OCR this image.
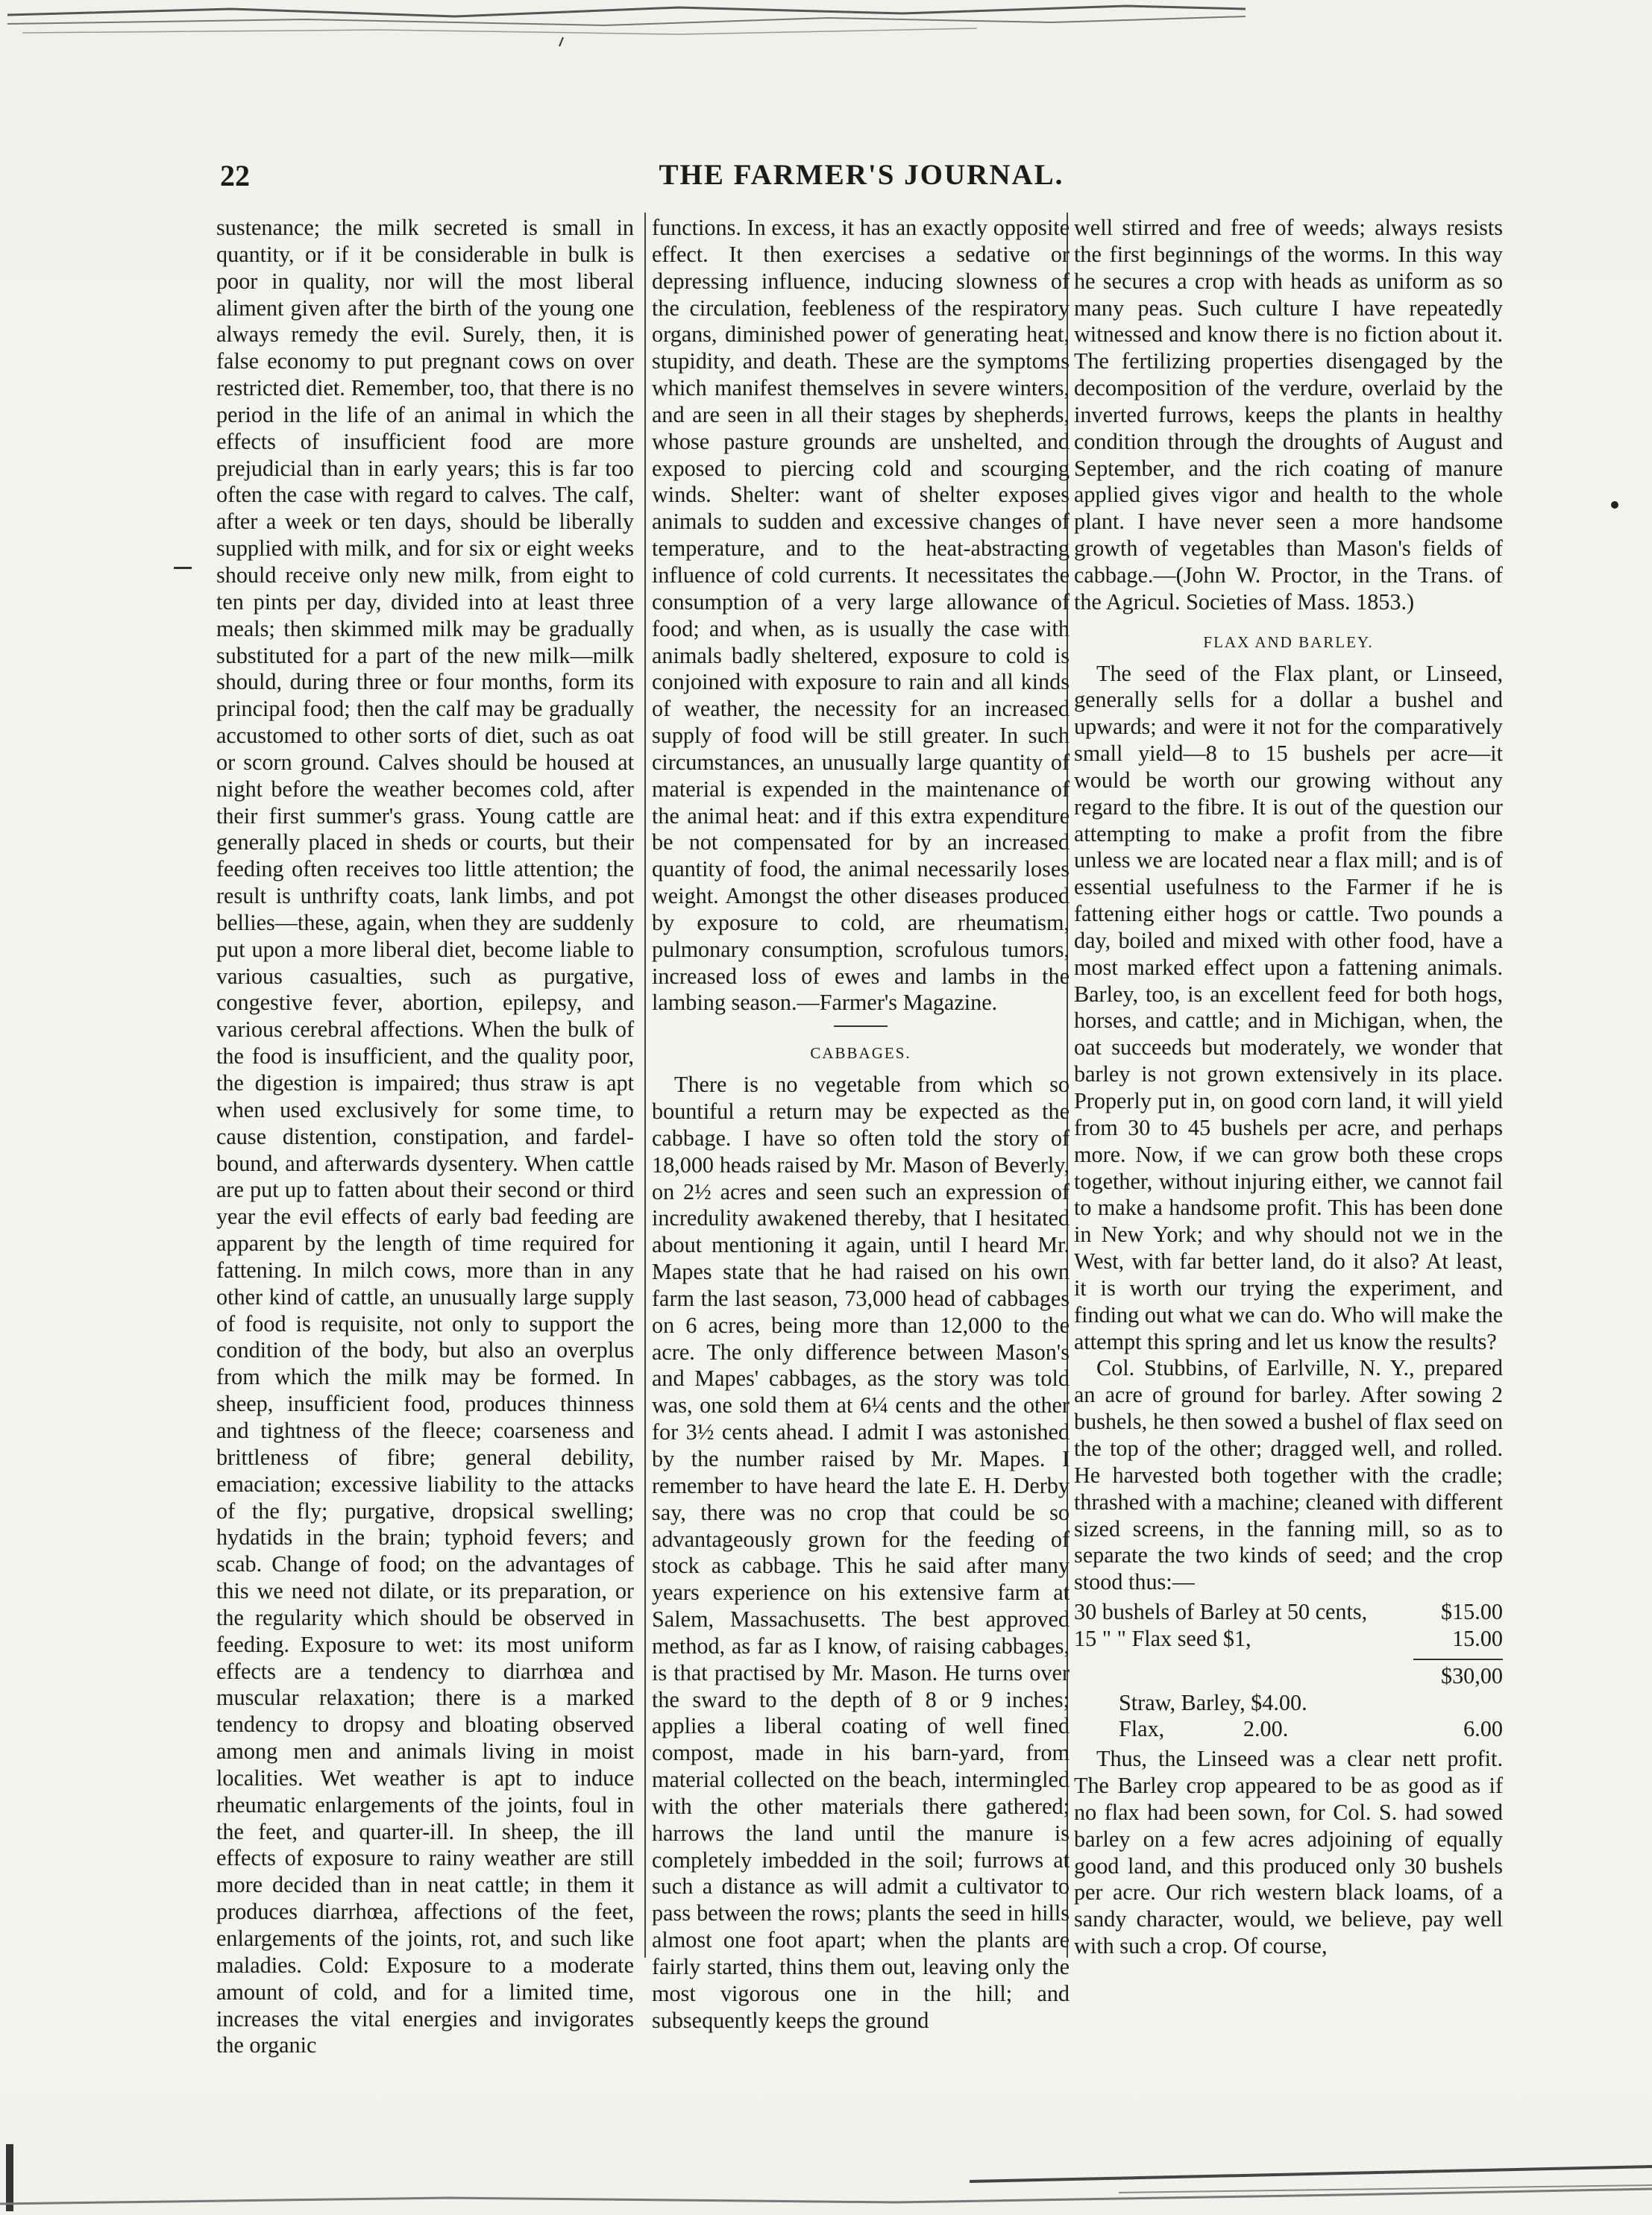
22	THE FARMER'S JOURNAL.

sustenance; the milk secreted is small in quantity, or if it be considerable in bulk is poor in quality, nor will the most liberal aliment given after the birth of the young one always remedy the evil. Surely, then, it is false economy to put pregnant cows on over restricted diet. Remember, too, that there is no period in the life of an animal in which the effects of insufficient food are more prejudicial than in early years; this is far too often the case with regard to calves. The calf, after a week or ten days, should be liberally supplied with milk, and for six or eight weeks should receive only new milk, from eight to ten pints per day, divided into at least three meals; then skimmed milk may be gradually substituted for a part of the new milk—milk should, during three or four months, form its principal food; then the calf may be gradually accustomed to other sorts of diet, such as oat or scorn ground. Calves should be housed at night before the weather becomes cold, after their first summer's grass. Young cattle are generally placed in sheds or courts, but their feeding often receives too little attention; the result is unthrifty coats, lank limbs, and pot bellies—these, again, when they are suddenly put upon a more liberal diet, become liable to various casualties, such as purgative, congestive fever, abortion, epilepsy, and various cerebral affections. When the bulk of the food is insufficient, and the quality poor, the digestion is impaired; thus straw is apt when used exclusively for some time, to cause distention, constipation, and fardel-bound, and afterwards dysentery. When cattle are put up to fatten about their second or third year the evil effects of early bad feeding are apparent by the length of time required for fattening. In milch cows, more than in any other kind of cattle, an unusually large supply of food is requisite, not only to support the condition of the body, but also an overplus from which the milk may be formed. In sheep, insufficient food, produces thinness and tightness of the fleece; coarseness and brittleness of fibre; general debility, emaciation; excessive liability to the attacks of the fly; purgative, dropsical swelling; hydatids in the brain; typhoid fevers; and scab. Change of food; on the advantages of this we need not dilate, or its preparation, or the regularity which should be observed in feeding. Exposure to wet: its most uniform effects are a tendency to diarrhœa and muscular relaxation; there is a marked tendency to dropsy and bloating observed among men and animals living in moist localities. Wet weather is apt to induce rheumatic enlargements of the joints, foul in the feet, and quarter-ill. In sheep, the ill effects of exposure to rainy weather are still more decided than in neat cattle; in them it produces diarrhœa, affections of the feet, enlargements of the joints, rot, and such like maladies. Cold: Exposure to a moderate amount of cold, and for a limited time, increases the vital energies and invigorates the organic

functions. In excess, it has an exactly opposite effect. It then exercises a sedative or depressing influence, inducing slowness of the circulation, feebleness of the respiratory organs, diminished power of generating heat, stupidity, and death. These are the symptoms which manifest themselves in severe winters, and are seen in all their stages by shepherds, whose pasture grounds are unshelted, and exposed to piercing cold and scourging winds. Shelter: want of shelter exposes animals to sudden and excessive changes of temperature, and to the heat-abstracting influence of cold currents. It necessitates the consumption of a very large allowance of food; and when, as is usually the case with animals badly sheltered, exposure to cold is conjoined with exposure to rain and all kinds of weather, the necessity for an increased supply of food will be still greater. In such circumstances, an unusually large quantity of material is expended in the maintenance of the animal heat: and if this extra expenditure be not compensated for by an increased quantity of food, the animal necessarily loses weight. Amongst the other diseases produced by exposure to cold, are rheumatism, pulmonary consumption, scrofulous tumors, increased loss of ewes and lambs in the lambing season.—Farmer's Magazine.

CABBAGES.

There is no vegetable from which so bountiful a return may be expected as the cabbage. I have so often told the story of 18,000 heads raised by Mr. Mason of Beverly, on 2½ acres and seen such an expression of incredulity awakened thereby, that I hesitated about mentioning it again, until I heard Mr. Mapes state that he had raised on his own farm the last season, 73,000 head of cabbages on 6 acres, being more than 12,000 to the acre. The only difference between Mason's and Mapes' cabbages, as the story was told was, one sold them at 6¼ cents and the other for 3½ cents ahead. I admit I was astonished by the number raised by Mr. Mapes. I remember to have heard the late E. H. Derby say, there was no crop that could be so advantageously grown for the feeding of stock as cabbage. This he said after many years experience on his extensive farm at Salem, Massachusetts. The best approved method, as far as I know, of raising cabbages, is that practised by Mr. Mason. He turns over the sward to the depth of 8 or 9 inches; applies a liberal coating of well fined compost, made in his barn-yard, from material collected on the beach, intermingled with the other materials there gathered; harrows the land until the manure is completely imbedded in the soil; furrows at such a distance as will admit a cultivator to pass between the rows; plants the seed in hills almost one foot apart; when the plants are fairly started, thins them out, leaving only the most vigorous one in the hill; and subsequently keeps the ground

well stirred and free of weeds; always resists the first beginnings of the worms. In this way he secures a crop with heads as uniform as so many peas. Such culture I have repeatedly witnessed and know there is no fiction about it. The fertilizing properties disengaged by the decomposition of the verdure, overlaid by the inverted furrows, keeps the plants in healthy condition through the droughts of August and September, and the rich coating of manure applied gives vigor and health to the whole plant. I have never seen a more handsome growth of vegetables than Mason's fields of cabbage.—(John W. Proctor, in the Trans. of the Agricul. Societies of Mass. 1853.)

FLAX AND BARLEY.

The seed of the Flax plant, or Linseed, generally sells for a dollar a bushel and upwards; and were it not for the comparatively small yield—8 to 15 bushels per acre—it would be worth our growing without any regard to the fibre. It is out of the question our attempting to make a profit from the fibre unless we are located near a flax mill; and is of essential usefulness to the Farmer if he is fattening either hogs or cattle. Two pounds a day, boiled and mixed with other food, have a most marked effect upon a fattening animals. Barley, too, is an excellent feed for both hogs, horses, and cattle; and in Michigan, when, the oat succeeds but moderately, we wonder that barley is not grown extensively in its place. Properly put in, on good corn land, it will yield from 30 to 45 bushels per acre, and perhaps more. Now, if we can grow both these crops together, without injuring either, we cannot fail to make a handsome profit. This has been done in New York; and why should not we in the West, with far better land, do it also? At least, it is worth our trying the experiment, and finding out what we can do. Who will make the attempt this spring and let us know the results?

Col. Stubbins, of Earlville, N. Y., prepared an acre of ground for barley. After sowing 2 bushels, he then sowed a bushel of flax seed on the top of the other; dragged well, and rolled. He harvested both together with the cradle; thrashed with a machine; cleaned with different sized screens, in the fanning mill, so as to separate the two kinds of seed; and the crop stood thus:—

30 bushels of Barley at 50 cents,	$15.00
15 " " Flax seed $1,	15.00
$30,00
Straw, Barley, $4.00.
Flax,	2.00.	6.00

Thus, the Linseed was a clear nett profit. The Barley crop appeared to be as good as if no flax had been sown, for Col. S. had sowed barley on a few acres adjoining of equally good land, and this produced only 30 bushels per acre. Our rich western black loams, of a sandy character, would, we believe, pay well with such a crop. Of course,
